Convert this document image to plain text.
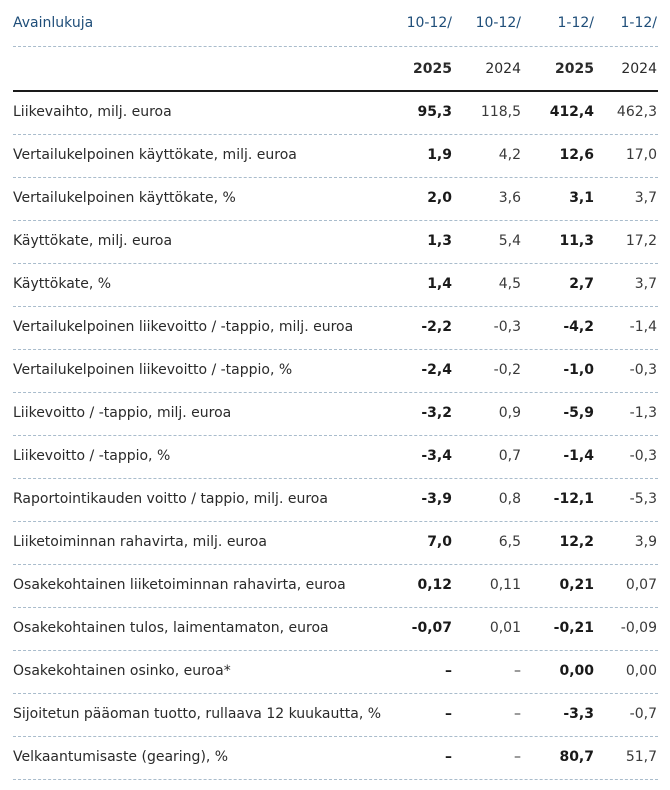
Avainlukuja	10-12/ 10-12/	1-12/ 1-12/
2025 2024 2025 2024
Liikevaihto, milj. euroa	95,3 118,5 412,4 462,3
Vertailukelpoinen käyttökate, milj. euroa	1,9	4,2	12,6 17,0
Vertailukelpoinen käyttökate, %	2,0	3,6	3,1	3,7
Käyttökate, milj. euroa	1,3	5,4	11,3 17,2
Käyttökate, %	1,4	4,5	2,7	3,7
Vertailukelpoinen liikevoitto / -tappio, milj. euroa	-2,2	-0,3	-4,2	-1,4
Vertailukelpoinen liikevoitto / -tappio, %	-2,4	-0,2	-1,0	-0,3
Liikevoitto / -tappio, milj. euroa	-3,2	0,9	-5,9	-1,3
Liikevoitto / -tappio, %	-3,4	0,7	-1,4	-0,3
Raportointikauden voitto / tappio, milj. euroa	-3,9	0,8 -12,1	-5,3
Liiketoiminnan rahavirta, milj. euroa	7,0	6,5	12,2	3,9
Osakekohtainen liiketoiminnan rahavirta, euroa	0,12	0,11	0,21 0,07
Osakekohtainen tulos, laimentamaton, euroa	-0,07	0,01 -0,21 -0,09
Osakekohtainen osinko, euroa*	–	–	0,00 0,00
Sijoitetun pääoman tuotto, rullaava 12 kuukautta, %	–	–	-3,3	-0,7
Velkaantumisaste (gearing), %	–	–	80,7 51,7
